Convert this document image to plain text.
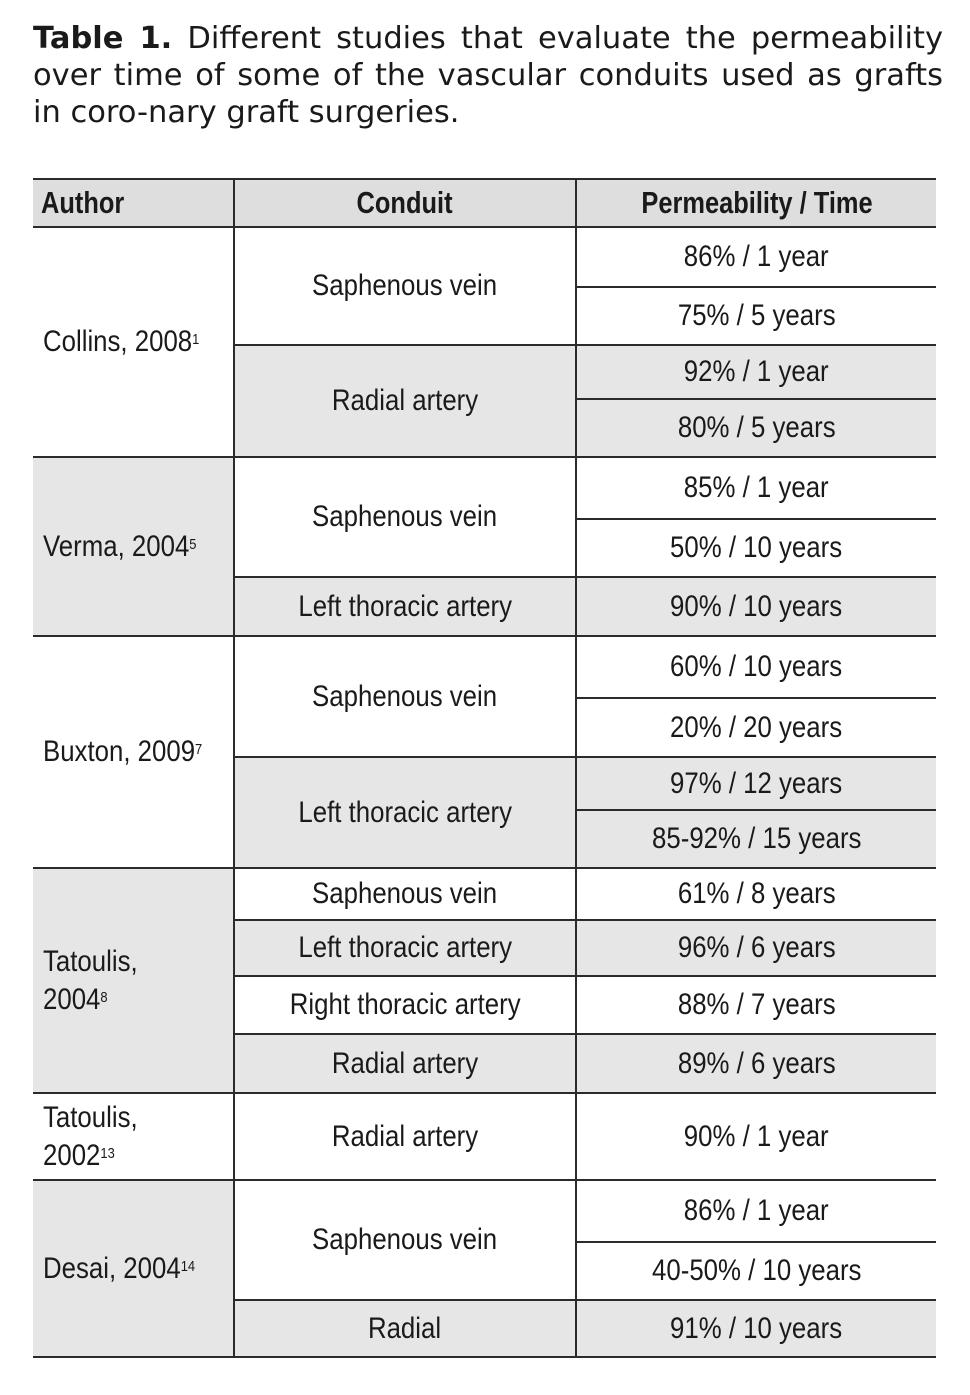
Table 1. Different studies that evaluate the permeability over time of some of the vascular conduits used as grafts in coro-nary graft surgeries.

Author	Conduit	Permeability / Time
Collins, 2008$^1$	Saphenous vein	86% / 1 year
		75% / 5 years
	Radial artery	92% / 1 year
		80% / 5 years
Verma, 2004$^5$	Saphenous vein	85% / 1 year
		50% / 10 years
	Left thoracic artery	90% / 10 years
Buxton, 2009$^7$	Saphenous vein	60% / 10 years
		20% / 20 years
	Left thoracic artery	97% / 12 years
		85-92% / 15 years
Tatoulis, 2004$^8$	Saphenous vein	61% / 8 years
	Left thoracic artery	96% / 6 years
	Right thoracic artery	88% / 7 years
	Radial artery	89% / 6 years

Tatoulis, 2002$^{13}$	Radial artery	90% / 1 year
Desai, 2004$^{14}$	Saphenous vein	86% / 1 year
		40-50% / 10 years
	Radial	91% / 10 years
